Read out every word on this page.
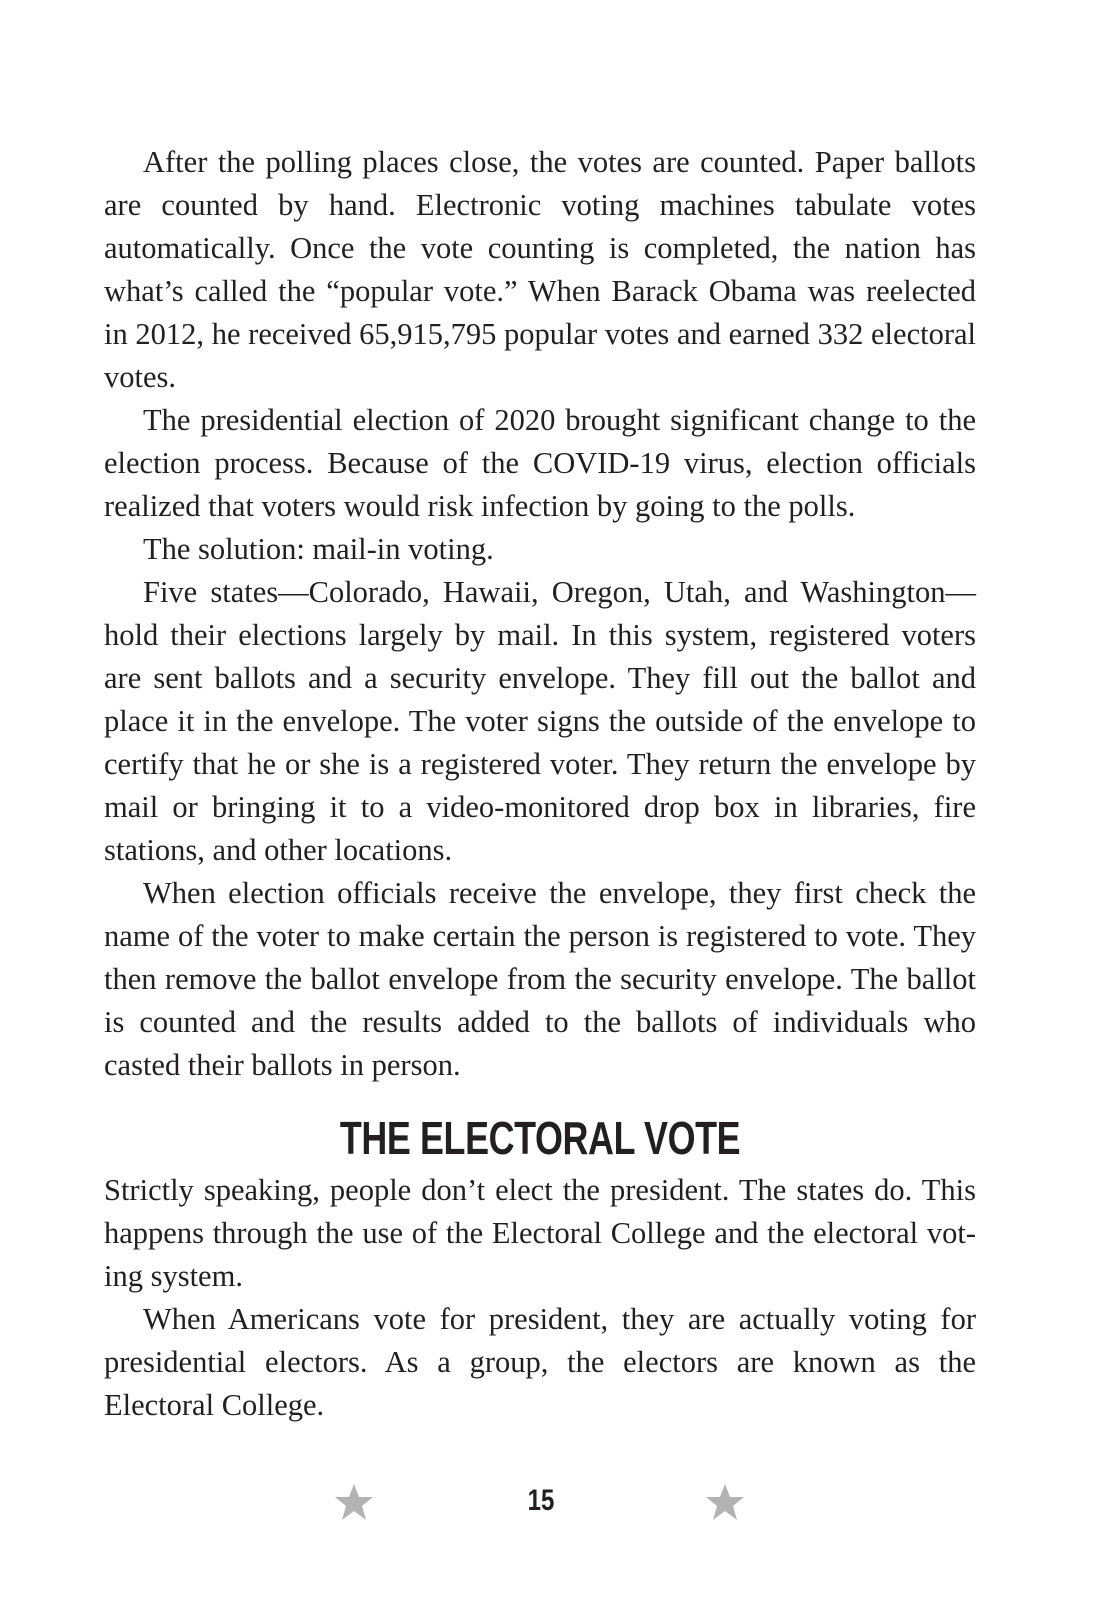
After the polling places close, the votes are counted. Paper ballots are counted by hand. Electronic voting machines tabulate votes automatically. Once the vote counting is completed, the nation has what’s called the “popular vote.” When Barack Obama was reelected in 2012, he received 65,915,795 popular votes and earned 332 electoral votes.

The presidential election of 2020 brought significant change to the election process. Because of the COVID-19 virus, election officials realized that voters would risk infection by going to the polls.

The solution: mail-in voting.

Five states—Colorado, Hawaii, Oregon, Utah, and Washington— hold their elections largely by mail. In this system, registered voters are sent ballots and a security envelope. They fill out the ballot and place it in the envelope. The voter signs the outside of the envelope to certify that he or she is a registered voter. They return the envelope by mail or bringing it to a video-monitored drop box in libraries, fire stations, and other locations.

When election officials receive the envelope, they first check the name of the voter to make certain the person is registered to vote. They then remove the ballot envelope from the security envelope. The ballot is counted and the results added to the ballots of individuals who casted their ballots in person.

THE ELECTORAL VOTE

Strictly speaking, people don’t elect the president. The states do. This happens through the use of the Electoral College and the electoral voting system.

When Americans vote for president, they are actually voting for presidential electors. As a group, the electors are known as the Electoral College.

15
